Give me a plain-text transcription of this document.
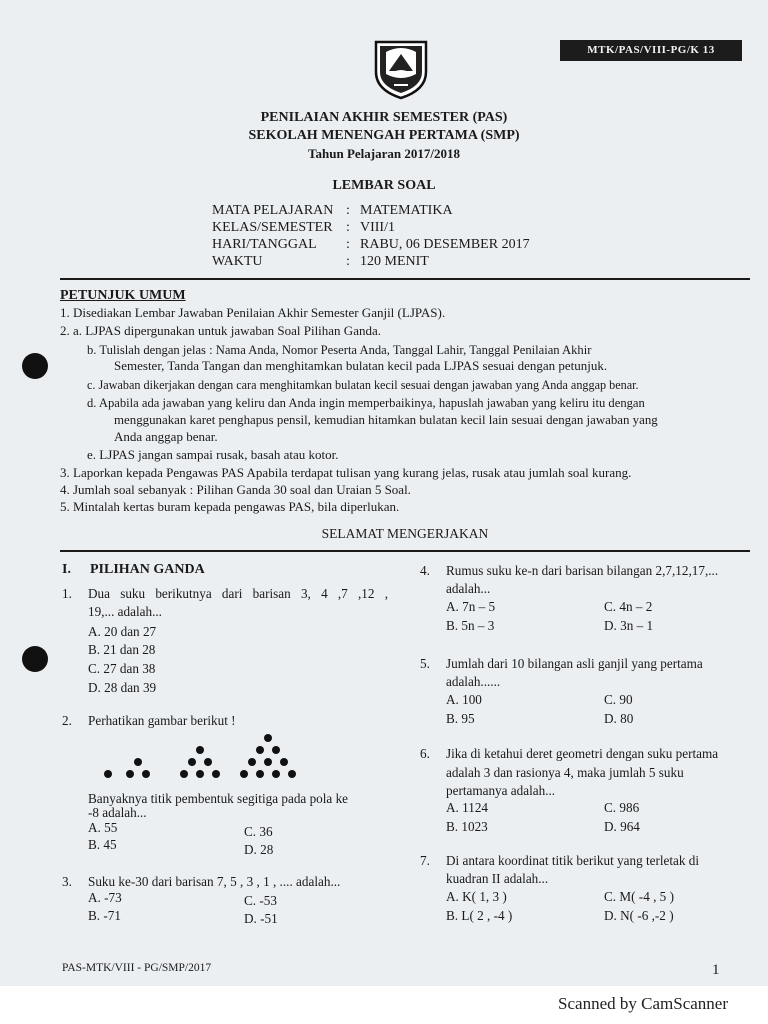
MTK/PAS/VIII-PG/K 13
PENILAIAN AKHIR SEMESTER (PAS)
SEKOLAH MENENGAH PERTAMA (SMP)
Tahun Pelajaran 2017/2018
LEMBAR SOAL
MATA PELAJARAN : MATEMATIKA
KELAS/SEMESTER : VIII/1
HARI/TANGGAL : RABU, 06 DESEMBER 2017
WAKTU	: 120 MENIT
PETUNJUK UMUM
1. Disediakan Lembar Jawaban Penilaian Akhir Semester Ganjil (LJPAS).
2. a. LJPAS dipergunakan untuk jawaban Soal Pilihan Ganda.
b. Tulislah dengan jelas : Nama Anda, Nomor Peserta Anda, Tanggal Lahir, Tanggal Penilaian Akhir
Semester, Tanda Tangan dan menghitamkan bulatan kecil pada LJPAS sesuai dengan petunjuk.
c. Jawaban dikerjakan dengan cara menghitamkan bulatan kecil sesuai dengan jawaban yang Anda anggap benar.
d. Apabila ada jawaban yang keliru dan Anda ingin memperbaikinya, hapuslah jawaban yang keliru itu dengan
menggunakan karet penghapus pensil, kemudian hitamkan bulatan kecil lain sesuai dengan jawaban yang
Anda anggap benar.
e. LJPAS jangan sampai rusak, basah atau kotor.
3. Laporkan kepada Pengawas PAS Apabila terdapat tulisan yang kurang jelas, rusak atau jumlah soal kurang.
4. Jumlah soal sebanyak : Pilihan Ganda 30 soal dan Uraian 5 Soal.
5. Mintalah kertas buram kepada pengawas PAS, bila diperlukan.
SELAMAT MENGERJAKAN
I. PILIHAN GANDA
1. Dua suku berikutnya dari barisan 3, 4 ,7 ,12 ,
19,... adalah...
A. 20 dan 27
B. 21 dan 28
C. 27 dan 38
D. 28 dan 39
2. Perhatikan gambar berikut !
Banyaknya titik pembentuk segitiga pada pola ke
-8 adalah...
A. 55	C. 36
B. 45	D. 28
3. Suku ke-30 dari barisan 7, 5 , 3 , 1 , .... adalah...
A. -73	C. -53
B. -71	D. -51
4. Rumus suku ke-n dari barisan bilangan 2,7,12,17,...
adalah...
A. 7n – 5	C. 4n – 2
B. 5n – 3	D. 3n – 1
5. Jumlah dari 10 bilangan asli ganjil yang pertama
adalah......
A. 100	C. 90
B. 95	D. 80
6. Jika di ketahui deret geometri dengan suku pertama
adalah 3 dan rasionya 4, maka jumlah 5 suku
pertamanya adalah...
A. 1124	C. 986
B. 1023	D. 964
7. Di antara koordinat titik berikut yang terletak di
kuadran II adalah...
A. K( 1, 3 )	C. M( -4 , 5 )
B. L( 2 , -4 )	D. N( -6 ,-2 )
PAS-MTK/VIII - PG/SMP/2017	1
Scanned by CamScanner
